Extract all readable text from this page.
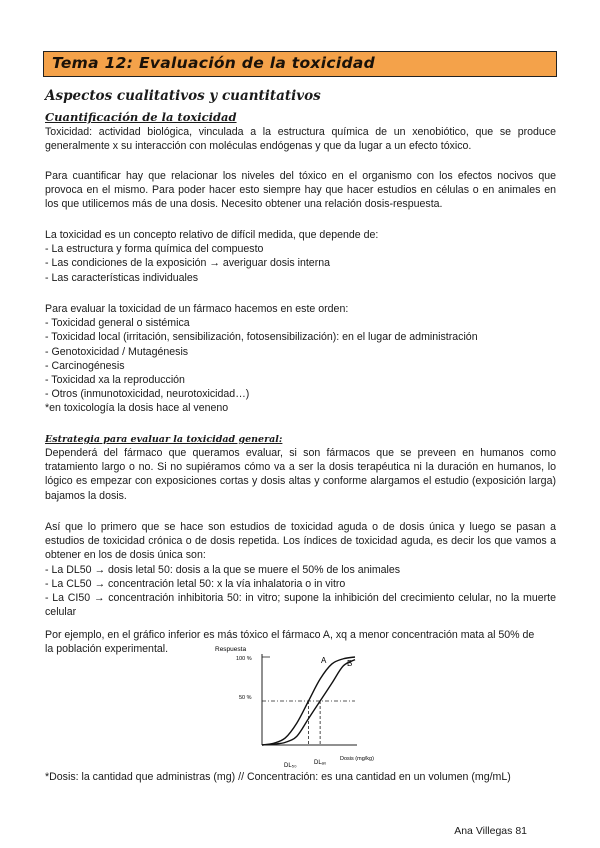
Tema 12: Evaluación de la toxicidad
Aspectos cualitativos y cuantitativos
Cuantificación de la toxicidad
Toxicidad: actividad biológica, vinculada a la estructura química de un xenobiótico, que se produce generalmente x su interacción con moléculas endógenas y que da lugar a un efecto tóxico.
Para cuantificar hay que relacionar los niveles del tóxico en el organismo con los efectos nocivos que provoca en el mismo. Para poder hacer esto siempre hay que hacer estudios en células o en animales en los que utilicemos más de una dosis. Necesito obtener una relación dosis-respuesta.
La toxicidad es un concepto relativo de difícil medida, que depende de:
- La estructura y forma química del compuesto
- Las condiciones de la exposición → averiguar dosis interna
- Las características individuales
Para evaluar la toxicidad de un fármaco hacemos en este orden:
- Toxicidad general o sistémica
- Toxicidad local (irritación, sensibilización, fotosensibilización): en el lugar de administración
- Genotoxicidad / Mutagénesis
- Carcinogénesis
- Toxicidad xa la reproducción
- Otros (inmunotoxicidad, neurotoxicidad…)
*en toxicología la dosis hace al veneno
Estrategia para evaluar la toxicidad general:
Dependerá del fármaco que queramos evaluar, si son fármacos que se preveen en humanos como tratamiento largo o no. Si no supiéramos cómo va a ser la dosis terapéutica ni la duración en humanos, lo lógico es empezar con exposiciones cortas y dosis altas y conforme alargamos el estudio (exposición larga) bajamos la dosis.
Así que lo primero que se hace son estudios de toxicidad aguda o de dosis única y luego se pasan a estudios de toxicidad crónica o de dosis repetida. Los índices de toxicidad aguda, es decir los que vamos a obtener en los de dosis única son:
- La DL50 → dosis letal 50: dosis a la que se muere el 50% de los animales
- La CL50 → concentración letal 50: x la vía inhalatoria o in vitro
- La CI50 → concentración inhibitoria 50: in vitro; supone la inhibición del crecimiento celular, no la muerte celular
Por ejemplo, en el gráfico inferior es más tóxico el fármaco A, xq a menor concentración mata al 50% de
la población experimental.	Respuesta
100 %
50 %
Dosis (mg/kg)
DL₅₀	DLₐ₀
A	B
*Dosis: la cantidad que administras (mg) // Concentración: es una cantidad en un volumen (mg/mL)
Ana Villegas 81
